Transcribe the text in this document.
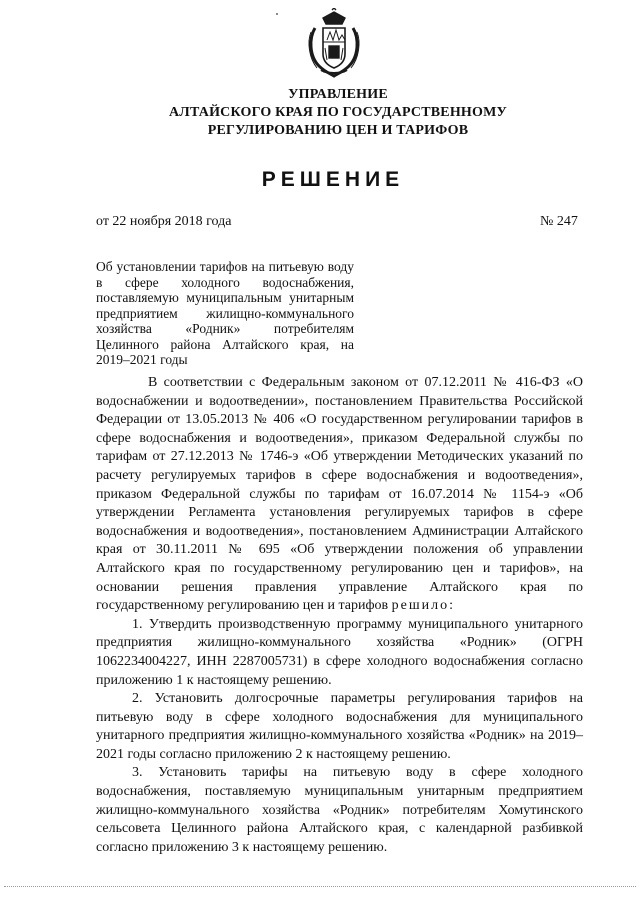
УПРАВЛЕНИЕ
АЛТАЙСКОГО КРАЯ ПО ГОСУДАРСТВЕННОМУ
РЕГУЛИРОВАНИЮ ЦЕН И ТАРИФОВ
РЕШЕНИЕ
от 22 ноября 2018 года	№ 247
Об установлении тарифов на питьевую воду в сфере холодного водоснабжения, поставляемую муниципальным унитарным предприятием жилищно-коммунального хозяйства «Родник» потребителям Целинного района Алтайского края, на 2019–2021 годы

В соответствии с Федеральным законом от 07.12.2011 № 416-ФЗ «О водоснабжении и водоотведении», постановлением Правительства Российской Федерации от 13.05.2013 № 406 «О государственном регулировании тарифов в сфере водоснабжения и водоотведения», приказом Федеральной службы по тарифам от 27.12.2013 № 1746-э «Об утверждении Методических указаний по расчету регулируемых тарифов в сфере водоснабжения и водоотведения», приказом Федеральной службы по тарифам от 16.07.2014 № 1154-э «Об утверждении Регламента установления регулируемых тарифов в сфере водоснабжения и водоотведения», постановлением Администрации Алтайского края от 30.11.2011 № 695 «Об утверждении положения об управлении Алтайского края по государственному регулированию цен и тарифов», на основании решения правления управление Алтайского края по государственному регулированию цен и тарифов решило:

1. Утвердить производственную программу муниципального унитарного предприятия жилищно-коммунального хозяйства «Родник» (ОГРН 1062234004227, ИНН 2287005731) в сфере холодного водоснабжения согласно приложению 1 к настоящему решению.

2. Установить долгосрочные параметры регулирования тарифов на питьевую воду в сфере холодного водоснабжения для муниципального унитарного предприятия жилищно-коммунального хозяйства «Родник» на 2019–2021 годы согласно приложению 2 к настоящему решению.

3. Установить тарифы на питьевую воду в сфере холодного водоснабжения, поставляемую муниципальным унитарным предприятием жилищно-коммунального хозяйства «Родник» потребителям Хомутинского сельсовета Целинного района Алтайского края, с календарной разбивкой согласно приложению 3 к настоящему решению.
